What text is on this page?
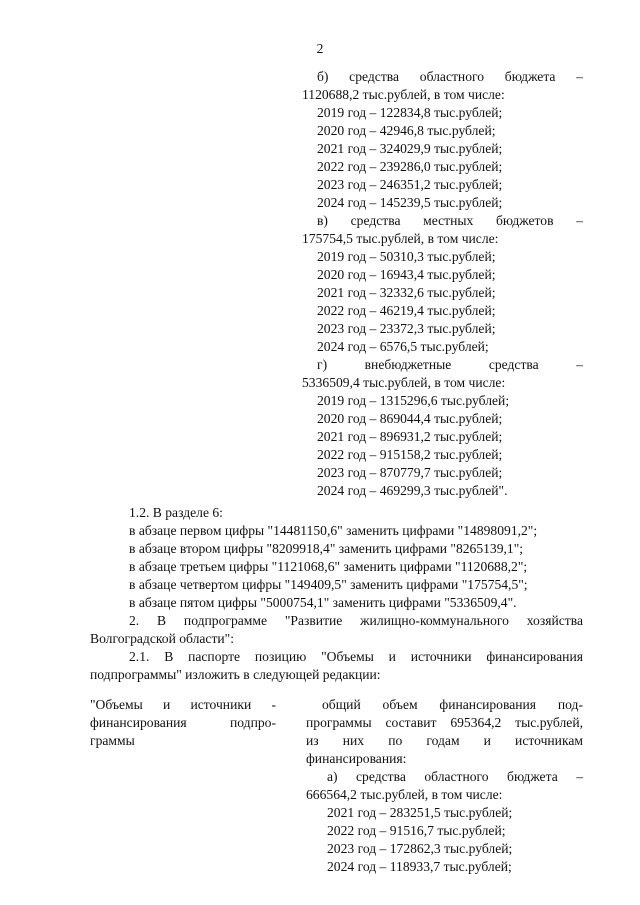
2
б) средства областного бюджета –
1120688,2 тыс.рублей, в том числе:
2019 год – 122834,8 тыс.рублей;
2020 год – 42946,8 тыс.рублей;
2021 год – 324029,9 тыс.рублей;
2022 год – 239286,0 тыс.рублей;
2023 год – 246351,2 тыс.рублей;
2024 год – 145239,5 тыс.рублей;
в) средства местных бюджетов –
175754,5 тыс.рублей, в том числе:
2019 год – 50310,3 тыс.рублей;
2020 год – 16943,4 тыс.рублей;
2021 год – 32332,6 тыс.рублей;
2022 год – 46219,4 тыс.рублей;
2023 год – 23372,3 тыс.рублей;
2024 год – 6576,5 тыс.рублей;
г) внебюджетные средства –
5336509,4 тыс.рублей, в том числе:
2019 год – 1315296,6 тыс.рублей;
2020 год – 869044,4 тыс.рублей;
2021 год – 896931,2 тыс.рублей;
2022 год – 915158,2 тыс.рублей;
2023 год – 870779,7 тыс.рублей;
2024 год – 469299,3 тыс.рублей".
1.2. В разделе 6:
в абзаце первом цифры "14481150,6" заменить цифрами "14898091,2";
в абзаце втором цифры "8209918,4" заменить цифрами "8265139,1";
в абзаце третьем цифры "1121068,6" заменить цифрами "1120688,2";
в абзаце четвертом цифры "149409,5" заменить цифрами "175754,5";
в абзаце пятом цифры "5000754,1" заменить цифрами "5336509,4".
2. В подпрограмме "Развитие жилищно-коммунального хозяйства
Волгоградской области":
2.1. В паспорте позицию "Объемы и источники финансирования
подпрограммы" изложить в следующей редакции:
"Объемы и источники -
финансирования подпро-
граммы
общий объем финансирования под-
программы составит 695364,2 тыс.рублей,
из них по годам и источникам
финансирования:
а) средства областного бюджета –
666564,2 тыс.рублей, в том числе:
2021 год – 283251,5 тыс.рублей;
2022 год – 91516,7 тыс.рублей;
2023 год – 172862,3 тыс.рублей;
2024 год – 118933,7 тыс.рублей;
